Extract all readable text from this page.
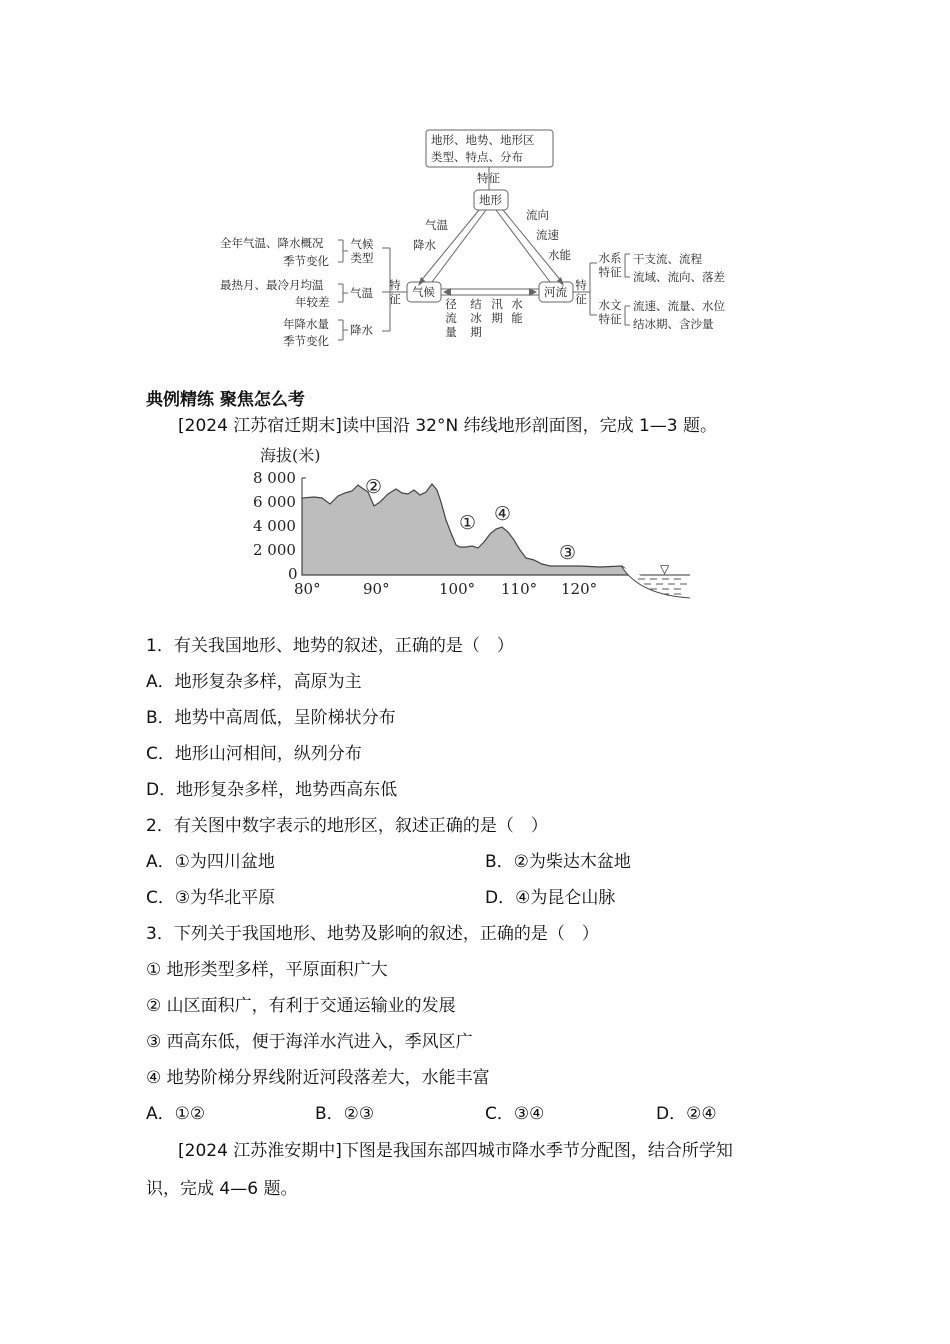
地形、地势、地形区
类型、特点、分布
特征
地形
气候	河流
气温
降水
流向
流速
水能
径流量
结冰期
汛期
水能
全年气温、降水概况
季节变化
气候类型
最热月、最冷月均温
年较差
气温
年降水量
季节变化
降水
特征
特征
水系特征
干支流、流程
流域、流向、落差
水文特征
流速、流量、水位
结冰期、含沙量
典例精练 聚焦怎么考
[2024 江苏宿迁期末]读中国沿 32°N 纬线地形剖面图，完成 1—3 题。
海拔(米)
8 000
6 000
4 000
2 000
0
80°	90°	100° 110° 120°
①
②
③
④
▽
1．有关我国地形、地势的叙述，正确的是（　）
A．地形复杂多样，高原为主
B．地势中高周低，呈阶梯状分布
C．地形山河相间，纵列分布
D．地形复杂多样，地势西高东低
2．有关图中数字表示的地形区，叙述正确的是（　）
A．①为四川盆地	B．②为柴达木盆地
C．③为华北平原	D．④为昆仑山脉
3．下列关于我国地形、地势及影响的叙述，正确的是（　）
① 地形类型多样，平原面积广大
② 山区面积广，有利于交通运输业的发展
③ 西高东低，便于海洋水汽进入，季风区广
④ 地势阶梯分界线附近河段落差大，水能丰富
A．①②	B．②③	C．③④	D．②④
[2024 江苏淮安期中]下图是我国东部四城市降水季节分配图，结合所学知
识，完成 4—6 题。
